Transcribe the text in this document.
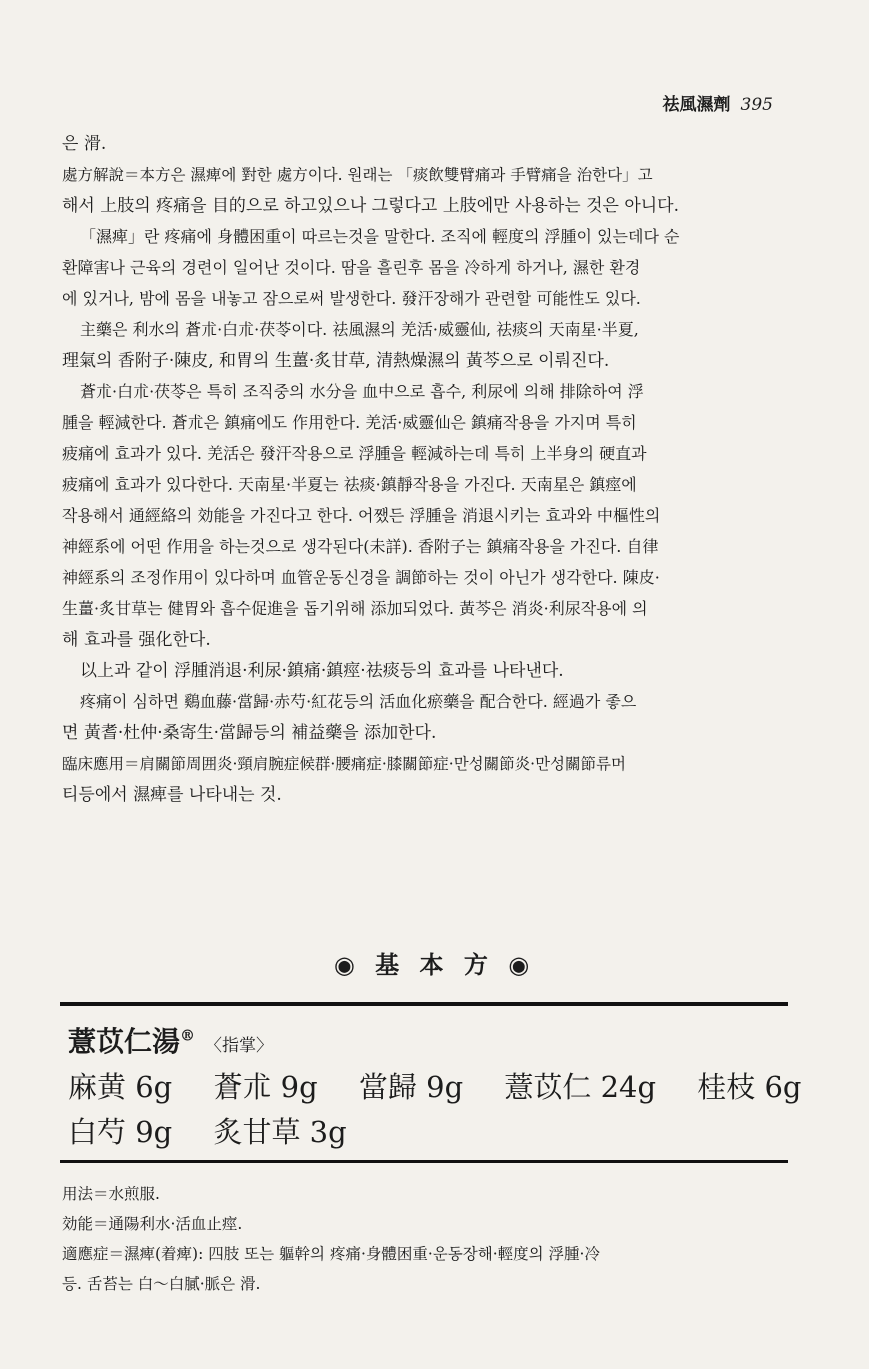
祛風濕劑 395
은 滑.
處方解說＝本方은 濕痺에 對한 處方이다. 원래는 「痰飲雙臂痛과 手臂痛을 治한다」고
해서 上肢의 疼痛을 目的으로 하고있으나 그렇다고 上肢에만 사용하는 것은 아니다.
「濕痺」란 疼痛에 身體困重이 따르는것을 말한다. 조직에 輕度의 浮腫이 있는데다 순
환障害나 근육의 경련이 일어난 것이다. 땀을 흘린후 몸을 冷하게 하거나, 濕한 환경
에 있거나, 밤에 몸을 내놓고 잠으로써 발생한다. 發汗장해가 관련할 可能性도 있다.
主藥은 利水의 蒼朮·白朮·茯苓이다. 祛風濕의 羌活·威靈仙, 祛痰의 天南星·半夏,
理氣의 香附子·陳皮, 和胃의 生薑·炙甘草, 清熱燥濕의 黃芩으로 이뤄진다.
蒼朮·白朮·茯苓은 특히 조직중의 水分을 血中으로 흡수, 利尿에 의해 排除하여 浮
腫을 輕減한다. 蒼朮은 鎮痛에도 作用한다. 羌活·威靈仙은 鎮痛작용을 가지며 특히
疲痛에 효과가 있다. 羌活은 發汗작용으로 浮腫을 輕減하는데 특히 上半身의 硬直과
疲痛에 효과가 있다한다. 天南星·半夏는 祛痰·鎮靜작용을 가진다. 天南星은 鎮痙에
작용해서 通經絡의 効能을 가진다고 한다. 어쨌든 浮腫을 消退시키는 효과와 中樞性의
神經系에 어떤 作用을 하는것으로 생각된다(未詳). 香附子는 鎮痛작용을 가진다. 自律
神經系의 조정作用이 있다하며 血管운동신경을 調節하는 것이 아닌가 생각한다. 陳皮·
生薑·炙甘草는 健胃와 흡수促進을 돕기위해 添加되었다. 黃芩은 消炎·利尿작용에 의
해 효과를 强化한다.
以上과 같이 浮腫消退·利尿·鎮痛·鎮痙·祛痰등의 효과를 나타낸다.
疼痛이 심하면 鷄血藤·當歸·赤芍·紅花등의 活血化瘀藥을 配合한다. 經過가 좋으
면 黃耆·杜仲·桑寄生·當歸등의 補益藥을 添加한다.
臨床應用＝肩關節周囲炎·頸肩腕症候群·腰痛症·膝關節症·만성關節炎·만성關節류머
티등에서 濕痺를 나타내는 것.
◉ 基 本 方 ◉
薏苡仁湯®〈指掌〉
麻黄 6g 蒼朮 9g 當歸 9g 薏苡仁 24g 桂枝 6g
白芍 9g 炙甘草 3g
用法＝水煎服.
効能＝通陽利水·活血止痙.
適應症＝濕痺(着痺): 四肢 또는 軀幹의 疼痛·身體困重·운동장해·輕度의 浮腫·冷
등. 舌苔는 白〜白膩·脈은 滑.
